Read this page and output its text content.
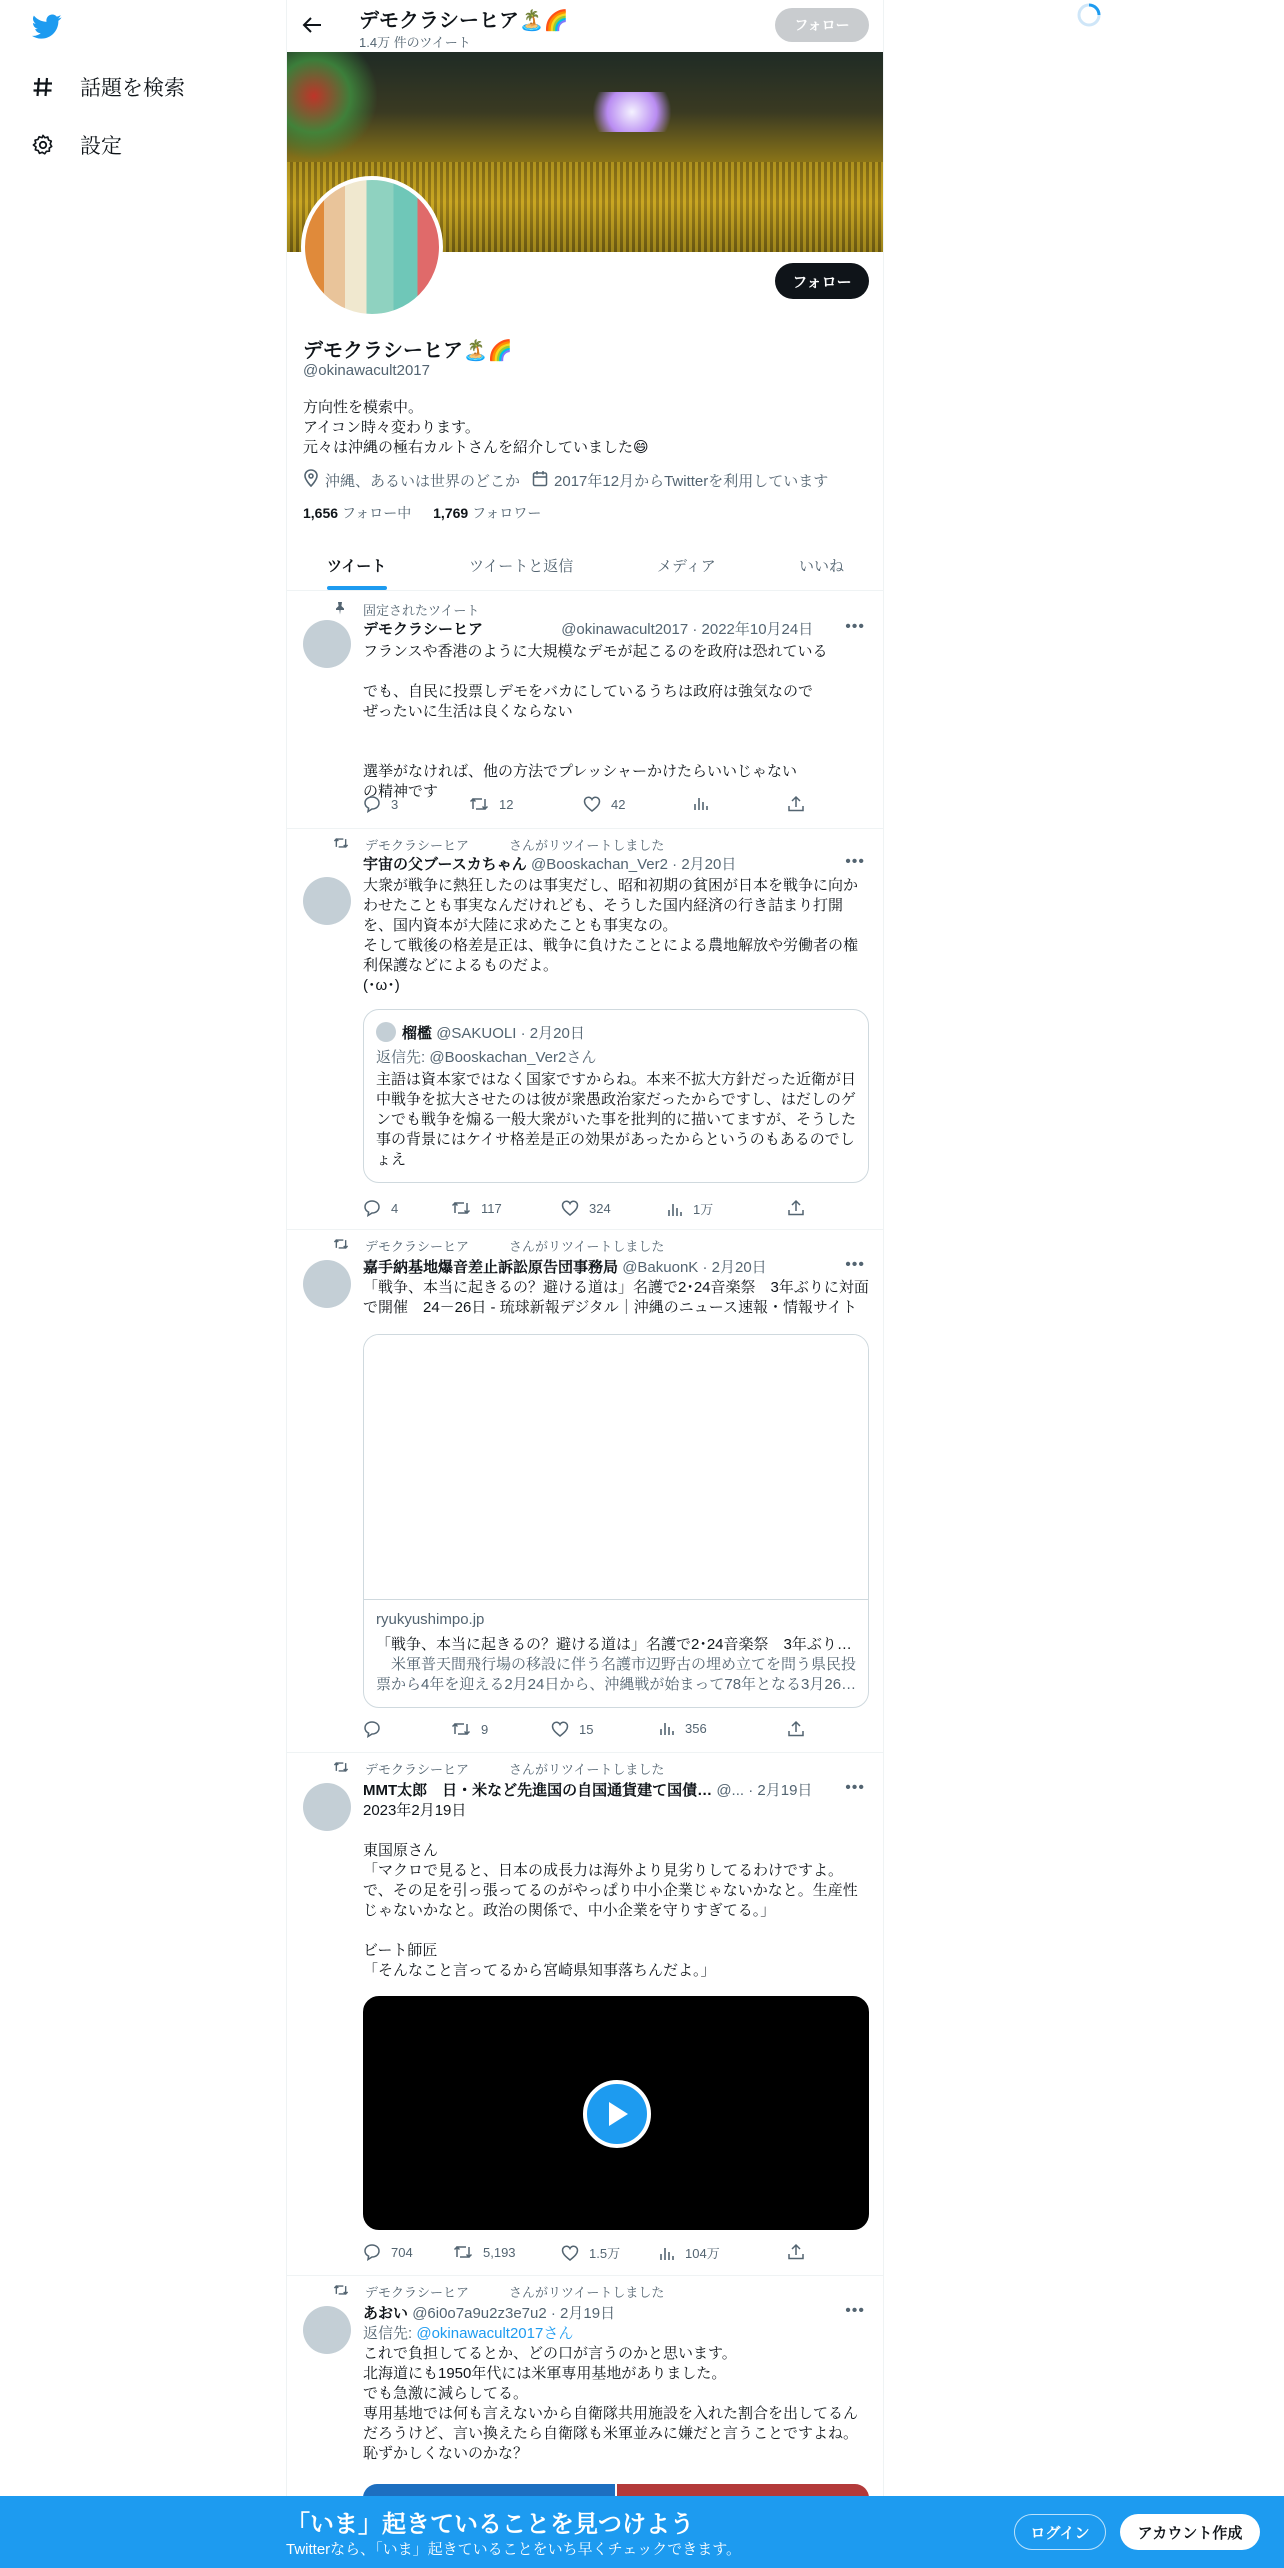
話題を検索
設定
デモクラシーヒア🏝️🌈
1.4万 件のツイート
フォロー
フォロー
デモクラシーヒア🏝️🌈
@okinawacult2017
方向性を模索中。
アイコン時々変わります。
元々は沖縄の極右カルトさんを紹介していました😄
沖縄、あるいは世界のどこか 2017年12月からTwitterを利用しています
1,656 フォロー中 1,769 フォロワー
ツイート	ツイートと返信	メディア	いいね
固定されたツイート
デモクラシーヒア	@okinawacult2017 · 2022年10月24日 •••
フランスや香港のように大規模なデモが起こるのを政府は恐れている

でも、自民に投票しデモをバカにしているうちは政府は強気なので
ぜったいに生活は良くならない

選挙がなければ、他の方法でプレッシャーかけたらいいじゃない
の精神です
3	12	42
デモクラシーヒア	さんがリツイートしました
宇宙の父ブースカちゃん @Booskachan_Ver2 · 2月20日	•••
大衆が戦争に熱狂したのは事実だし、昭和初期の貧困が日本を戦争に向か
わせたことも事実なんだけれども、そうした国内経済の行き詰まり打開
を、国内資本が大陸に求めたことも事実なの。
そして戦後の格差是正は、戦争に負けたことによる農地解放や労働者の権
利保護などによるものだよ。
(･ω･)
榴檻 @SAKUOLI · 2月20日
返信先: @Booskachan_Ver2さん
主語は資本家ではなく国家ですからね。本来不拡大方針だった近衛が日
中戦争を拡大させたのは彼が衆愚政治家だったからですし、はだしのゲ
ンでも戦争を煽る一般大衆がいた事を批判的に描いてますが、そうした
事の背景にはケイサ格差是正の効果があったからというのもあるのでし
ょえ
4	117	324	1万
デモクラシーヒア	さんがリツイートしました
嘉手納基地爆音差止訴訟原告団事務局 @BakuonK · 2月20日	•••
「戦争、本当に起きるの？避ける道は」名護で2･24音楽祭　3年ぶりに対面
で開催　24－26日 - 琉球新報デジタル｜沖縄のニュース速報・情報サイト
ryukyushimpo.jp
「戦争、本当に起きるの？避ける道は」名護で2･24音楽祭　3年ぶり…
　米軍普天間飛行場の移設に伴う名護市辺野古の埋め立てを問う県民投
票から4年を迎える2月24日から、沖縄戦が始まって78年となる3月26…
9	15	356
デモクラシーヒア	さんがリツイートしました
MMT太郎　日・米など先進国の自国通貨建て国債… @... · 2月19日	•••
2023年2月19日

東国原さん
「マクロで見ると、日本の成長力は海外より見劣りしてるわけですよ。
で、その足を引っ張ってるのがやっぱり中小企業じゃないかなと。生産性
じゃないかなと。政治の関係で、中小企業を守りすぎてる。」

ビート師匠
「そんなこと言ってるから宮崎県知事落ちんだよ。」
704	5,193	1.5万	104万
デモクラシーヒア	さんがリツイートしました
あおい @6i0o7a9u2z3e7u2 · 2月19日	•••
返信先: @okinawacult2017さん
これで負担してるとか、どの口が言うのかと思います。
北海道にも1950年代には米軍専用基地がありました。
でも急激に減らしてる。
専用基地では何も言えないから自衛隊共用施設を入れた割合を出してるん
だろうけど、言い換えたら自衛隊も米軍並みに嫌だと言うことですよね。
恥ずかしくないのかな？
「いま」起きていることを見つけよう
Twitterなら、「いま」起きていることをいち早くチェックできます。
ログイン	アカウント作成
